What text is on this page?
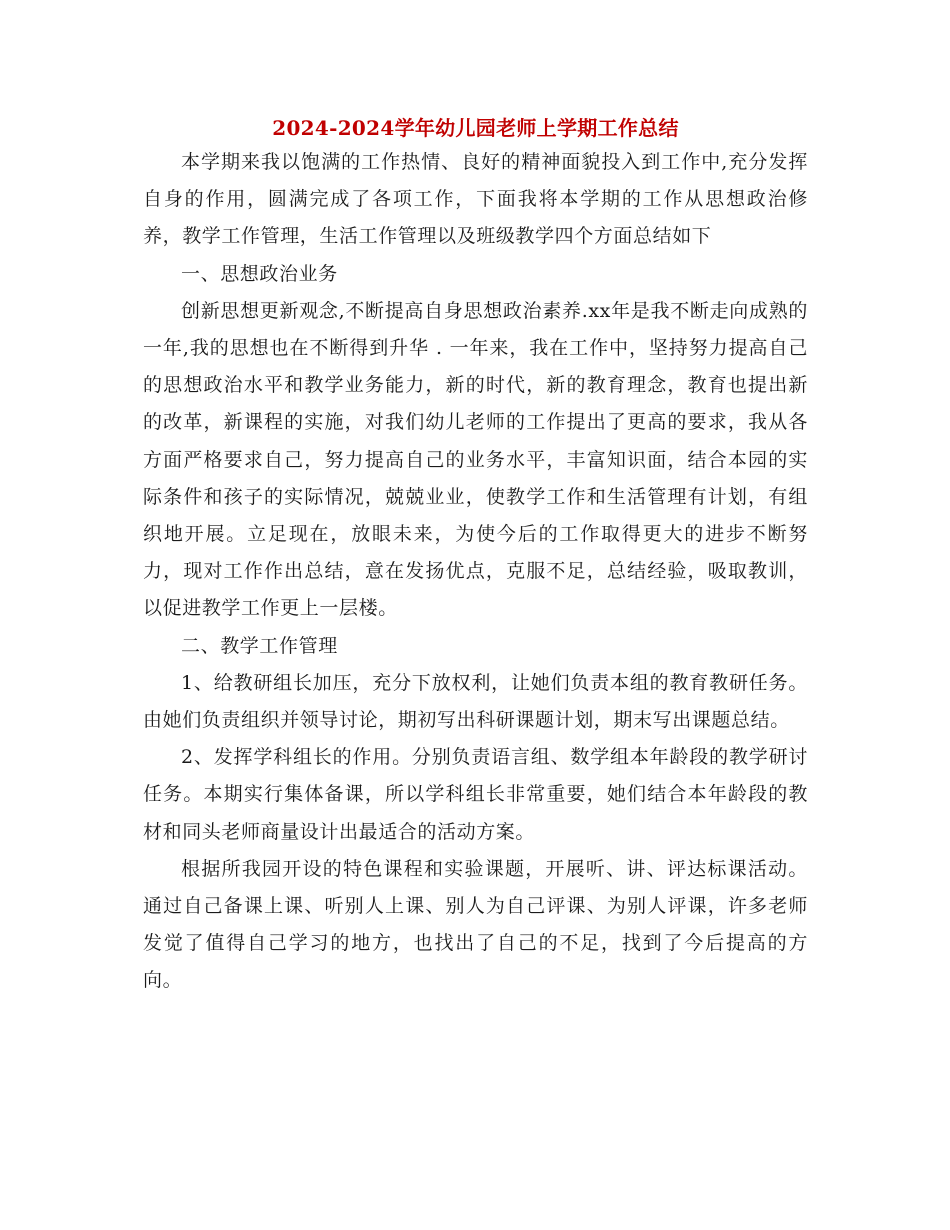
2024-2024学年幼儿园老师上学期工作总结

本学期来我以饱满的工作热情、良好的精神面貌投入到工作中,充分发挥自身的作用，圆满完成了各项工作，下面我将本学期的工作从思想政治修养，教学工作管理，生活工作管理以及班级教学四个方面总结如下

一、思想政治业务

创新思想更新观念,不断提高自身思想政治素养.xx年是我不断走向成熟的一年,我的思想也在不断得到升华 . 一年来，我在工作中，坚持努力提高自己的思想政治水平和教学业务能力，新的时代，新的教育理念，教育也提出新的改革，新课程的实施，对我们幼儿老师的工作提出了更高的要求，我从各方面严格要求自己，努力提高自己的业务水平，丰富知识面，结合本园的实际条件和孩子的实际情况，兢兢业业，使教学工作和生活管理有计划，有组织地开展。立足现在，放眼未来，为使今后的工作取得更大的进步不断努力，现对工作作出总结，意在发扬优点，克服不足，总结经验，吸取教训，以促进教学工作更上一层楼。

二、教学工作管理

1、给教研组长加压，充分下放权利，让她们负责本组的教育教研任务。由她们负责组织并领导讨论，期初写出科研课题计划，期末写出课题总结。

2、发挥学科组长的作用。分别负责语言组、数学组本年龄段的教学研讨任务。本期实行集体备课，所以学科组长非常重要，她们结合本年龄段的教材和同头老师商量设计出最适合的活动方案。

根据所我园开设的特色课程和实验课题，开展听、讲、评达标课活动。通过自己备课上课、听别人上课、别人为自己评课、为别人评课，许多老师发觉了值得自己学习的地方，也找出了自己的不足，找到了今后提高的方向。
